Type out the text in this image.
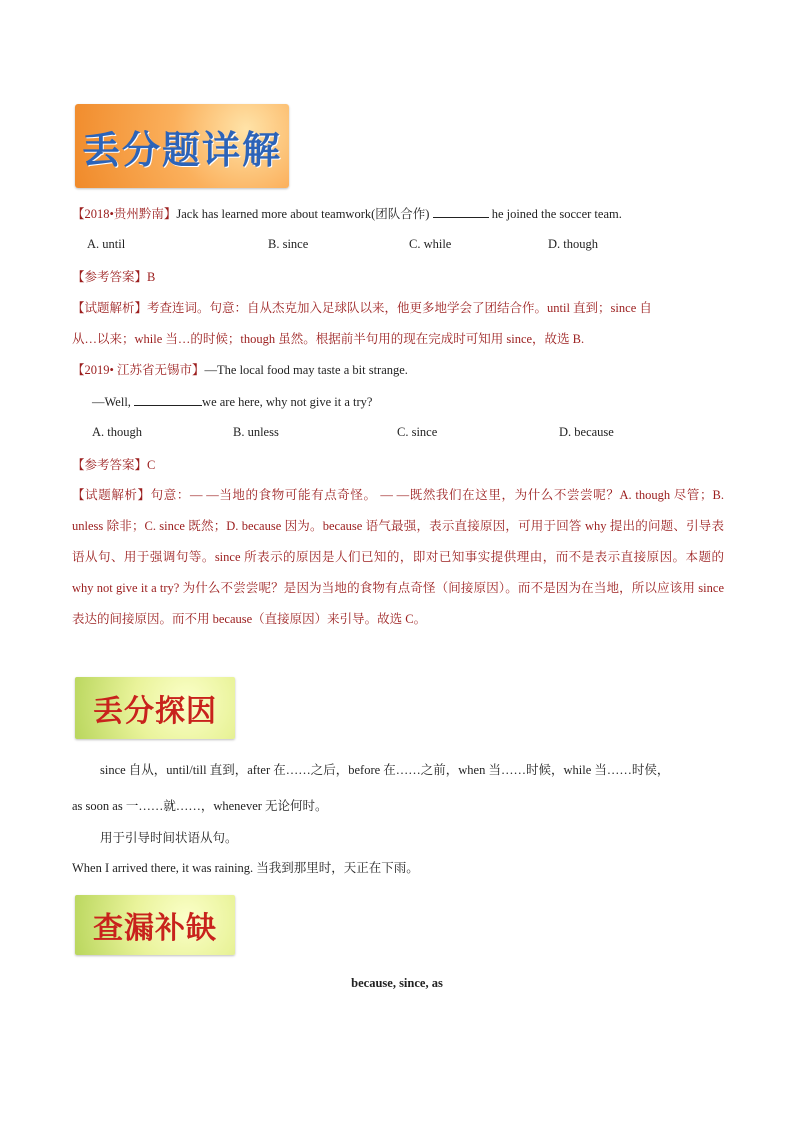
丢分题详解
【2018•贵州黔南】Jack has learned more about teamwork(团队合作)	he joined the soccer team.
A. until	B. since	C. while	D. though
【参考答案】B
【试题解析】考查连词。句意：自从杰克加入足球队以来，他更多地学会了团结合作。until 直到；since 自
从…以来；while 当…的时候；though 虽然。根据前半句用的现在完成时可知用 since，故选 B.
【2019• 江苏省无锡市】—The local food may taste a bit strange.
—Well,	we are here, why not give it a try?
A. though	B. unless	C. since	D. because
【参考答案】C
【试题解析】句意：— —当地的食物可能有点奇怪。 — —既然我们在这里，为什么不尝尝呢？A. though 尽管；B. unless 除非；C. since 既然；D. because 因为。because 语气最强，表示直接原因，可用于回答 why 提出的问题、引导表语从句、用于强调句等。since 所表示的原因是人们已知的，即对已知事实提供理由，而不是表示直接原因。本题的 why not give it a try? 为什么不尝尝呢？是因为当地的食物有点奇怪（间接原因）。而不是因为在当地，所以应该用 since 表达的间接原因。而不用 because（直接原因）来引导。故选 C。
丢分探因
since 自从，until/till 直到，after 在……之后，before 在……之前，when 当……时候，while 当……时侯，
as soon as 一……就……，whenever 无论何时。
用于引导时间状语从句。
When I arrived there, it was raining. 当我到那里时，天正在下雨。
查漏补缺
because, since, as
